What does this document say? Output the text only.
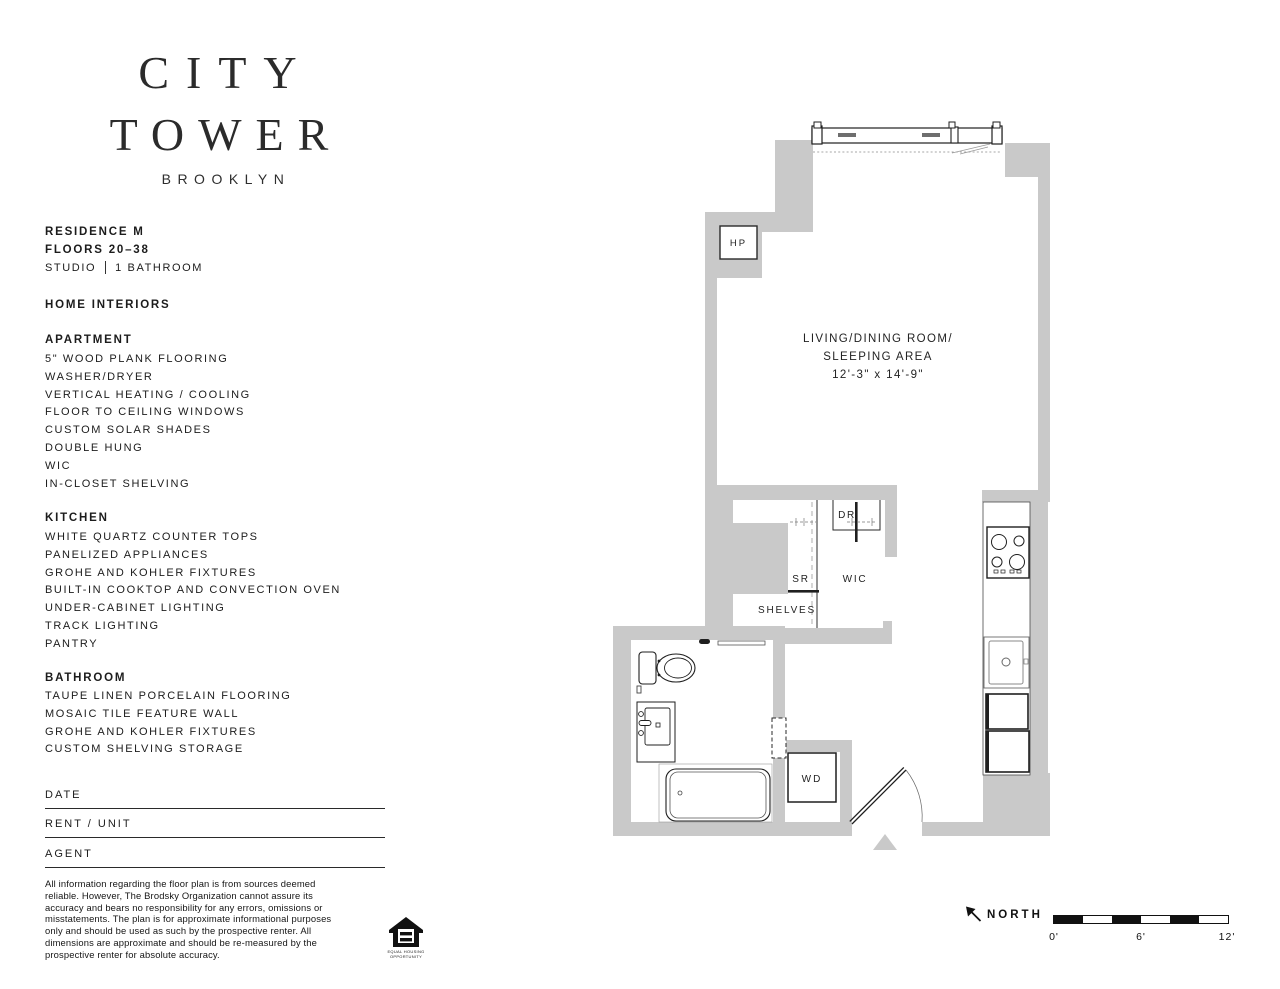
CITY
TOWER
BROOKLYN
RESIDENCE M
FLOORS 20–38
STUDIO 1 BATHROOM
HOME INTERIORS
APARTMENT
5" WOOD PLANK FLOORING
WASHER/DRYER
VERTICAL HEATING / COOLING
FLOOR TO CEILING WINDOWS
CUSTOM SOLAR SHADES
DOUBLE HUNG
WIC
IN-CLOSET SHELVING
KITCHEN
WHITE QUARTZ COUNTER TOPS
PANELIZED APPLIANCES
GROHE AND KOHLER FIXTURES
BUILT-IN COOKTOP AND CONVECTION OVEN
UNDER-CABINET LIGHTING
TRACK LIGHTING
PANTRY
BATHROOM
TAUPE LINEN PORCELAIN FLOORING
MOSAIC TILE FEATURE WALL
GROHE AND KOHLER FIXTURES
CUSTOM SHELVING STORAGE
DATE
RENT / UNIT
AGENT
All information regarding the floor plan is from sources deemed reliable. However, The Brodsky Organization cannot assure its accuracy and bears no responsibility for any errors, omissions or misstatements. The plan is for approximate informational purposes only and should be used as such by the prospective renter. All dimensions are approximate and should be re-measured by the prospective renter for absolute accuracy.	EQUAL HOUSING
OPPORTUNITY
HP
LIVING/DINING ROOM/
SLEEPING AREA
12'-3" x 14'-9"
DR
SR	WIC
SHELVES
WD
NORTH
0'	6'	12'
